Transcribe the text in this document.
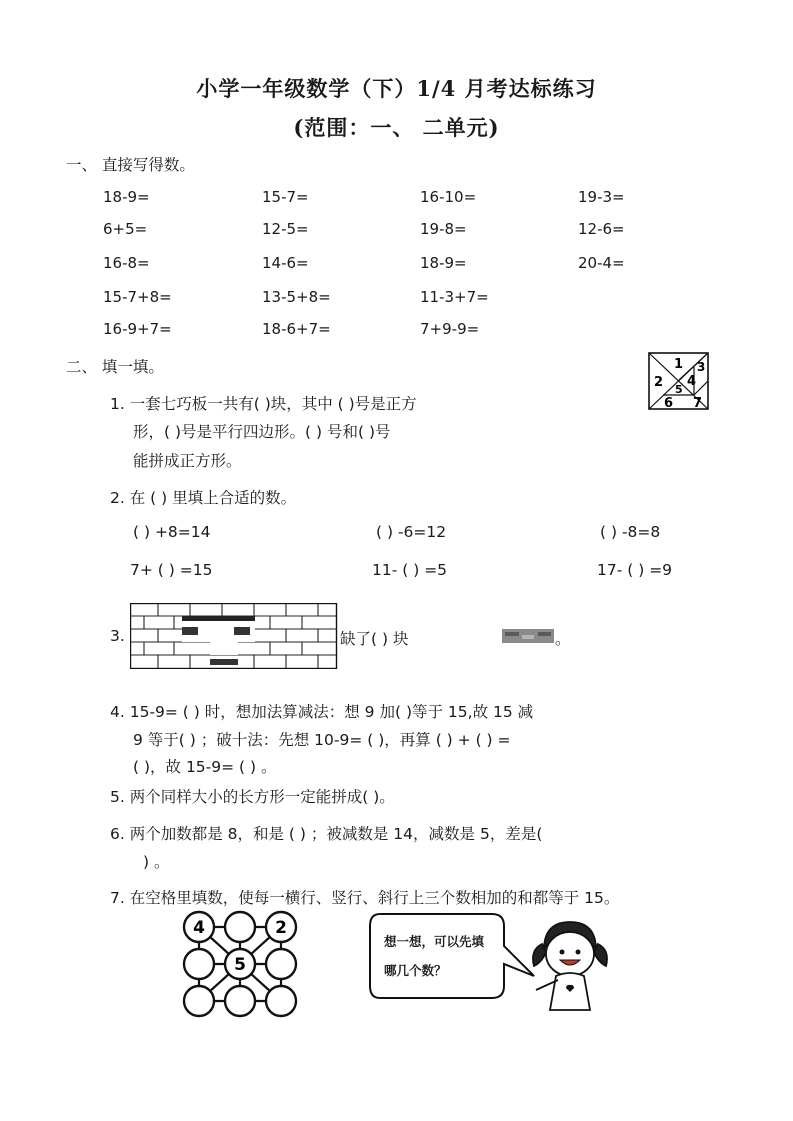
小学一年级数学（下）1/4 月考达标练习
(范围：一、 二单元)
一、 直接写得数。
18-9=	15-7=	16-10=	19-3=
6+5=	12-5=	19-8=	12-6=
16-8=	14-6=	18-9=	20-4=
15-7+8=	13-5+8=	11-3+7=
16-9+7=	18-6+7=	7+9-9=
二、 填一填。	1
2
3
4
5
6 7
1. 一套七巧板一共有( )块，其中 ( )号是正方
形，( )号是平行四边形。( ) 号和( )号
能拼成正方形。
2. 在 ( ) 里填上合适的数。
( ) +8=14	( ) -6=12	( ) -8=8
7+ ( ) =15	11- ( ) =5	17- ( ) =9
3.	缺了( ) 块	。
4. 15-9= ( ) 时，想加法算减法：想 9 加( )等于 15,故 15 减
9 等于( ) ；破十法：先想 10-9= ( )，再算 ( ) + ( ) =
( )，故 15-9= ( ) 。
5. 两个同样大小的长方形一定能拼成( )。
6. 两个加数都是 8，和是 ( ) ；被减数是 14，减数是 5，差是(
) 。
7. 在空格里填数，使每一横行、竖行、斜行上三个数相加的和都等于 15。
4	2
5
想一想，可以先填
哪几个数？
